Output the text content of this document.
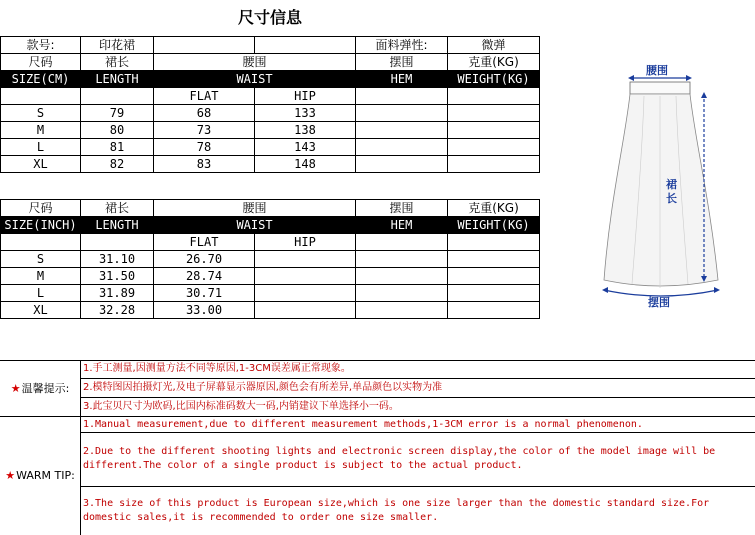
尺寸信息
款号:	印花裙			面料弹性:	微弹
尺码	裙长	腰围		摆围	克重(KG)
SIZE(CM)	LENGTH	WAIST		HEM	WEIGHT(KG)
		FLAT	HIP		
S	79	68	133		
M	80	73	138		
L	81	78	143		
XL	82	83	148		
尺码	裙长	腰围		摆围	克重(KG)
SIZE(INCH)	LENGTH	WAIST		HEM	WEIGHT(KG)
		FLAT	HIP		
S	31.10	26.70			
M	31.50	28.74			
L	31.89	30.71			
XL	32.28	33.00			
腰围
裙长
摆围
★ 温馨提示:
1.手工测量,因测量方法不同等原因,1-3CM误差属正常现象。
2.模特图因拍摄灯光,及电子屏幕显示器原因,颜色会有所差异,单品颜色以实物为准
3.此宝贝尺寸为欧码,比国内标准码数大一码,内销建议下单选择小一码。
★ WARM TIP:
1.Manual measurement,due to different measurement methods,1-3CM error is a normal phenomenon.
2.Due to the different shooting lights and electronic screen display,the color of the model image will be different.The color of a single product is subject to the actual product.
3.The size of this product is European size,which is one size larger than the domestic standard size.For domestic sales,it is recommended to order one size smaller.
